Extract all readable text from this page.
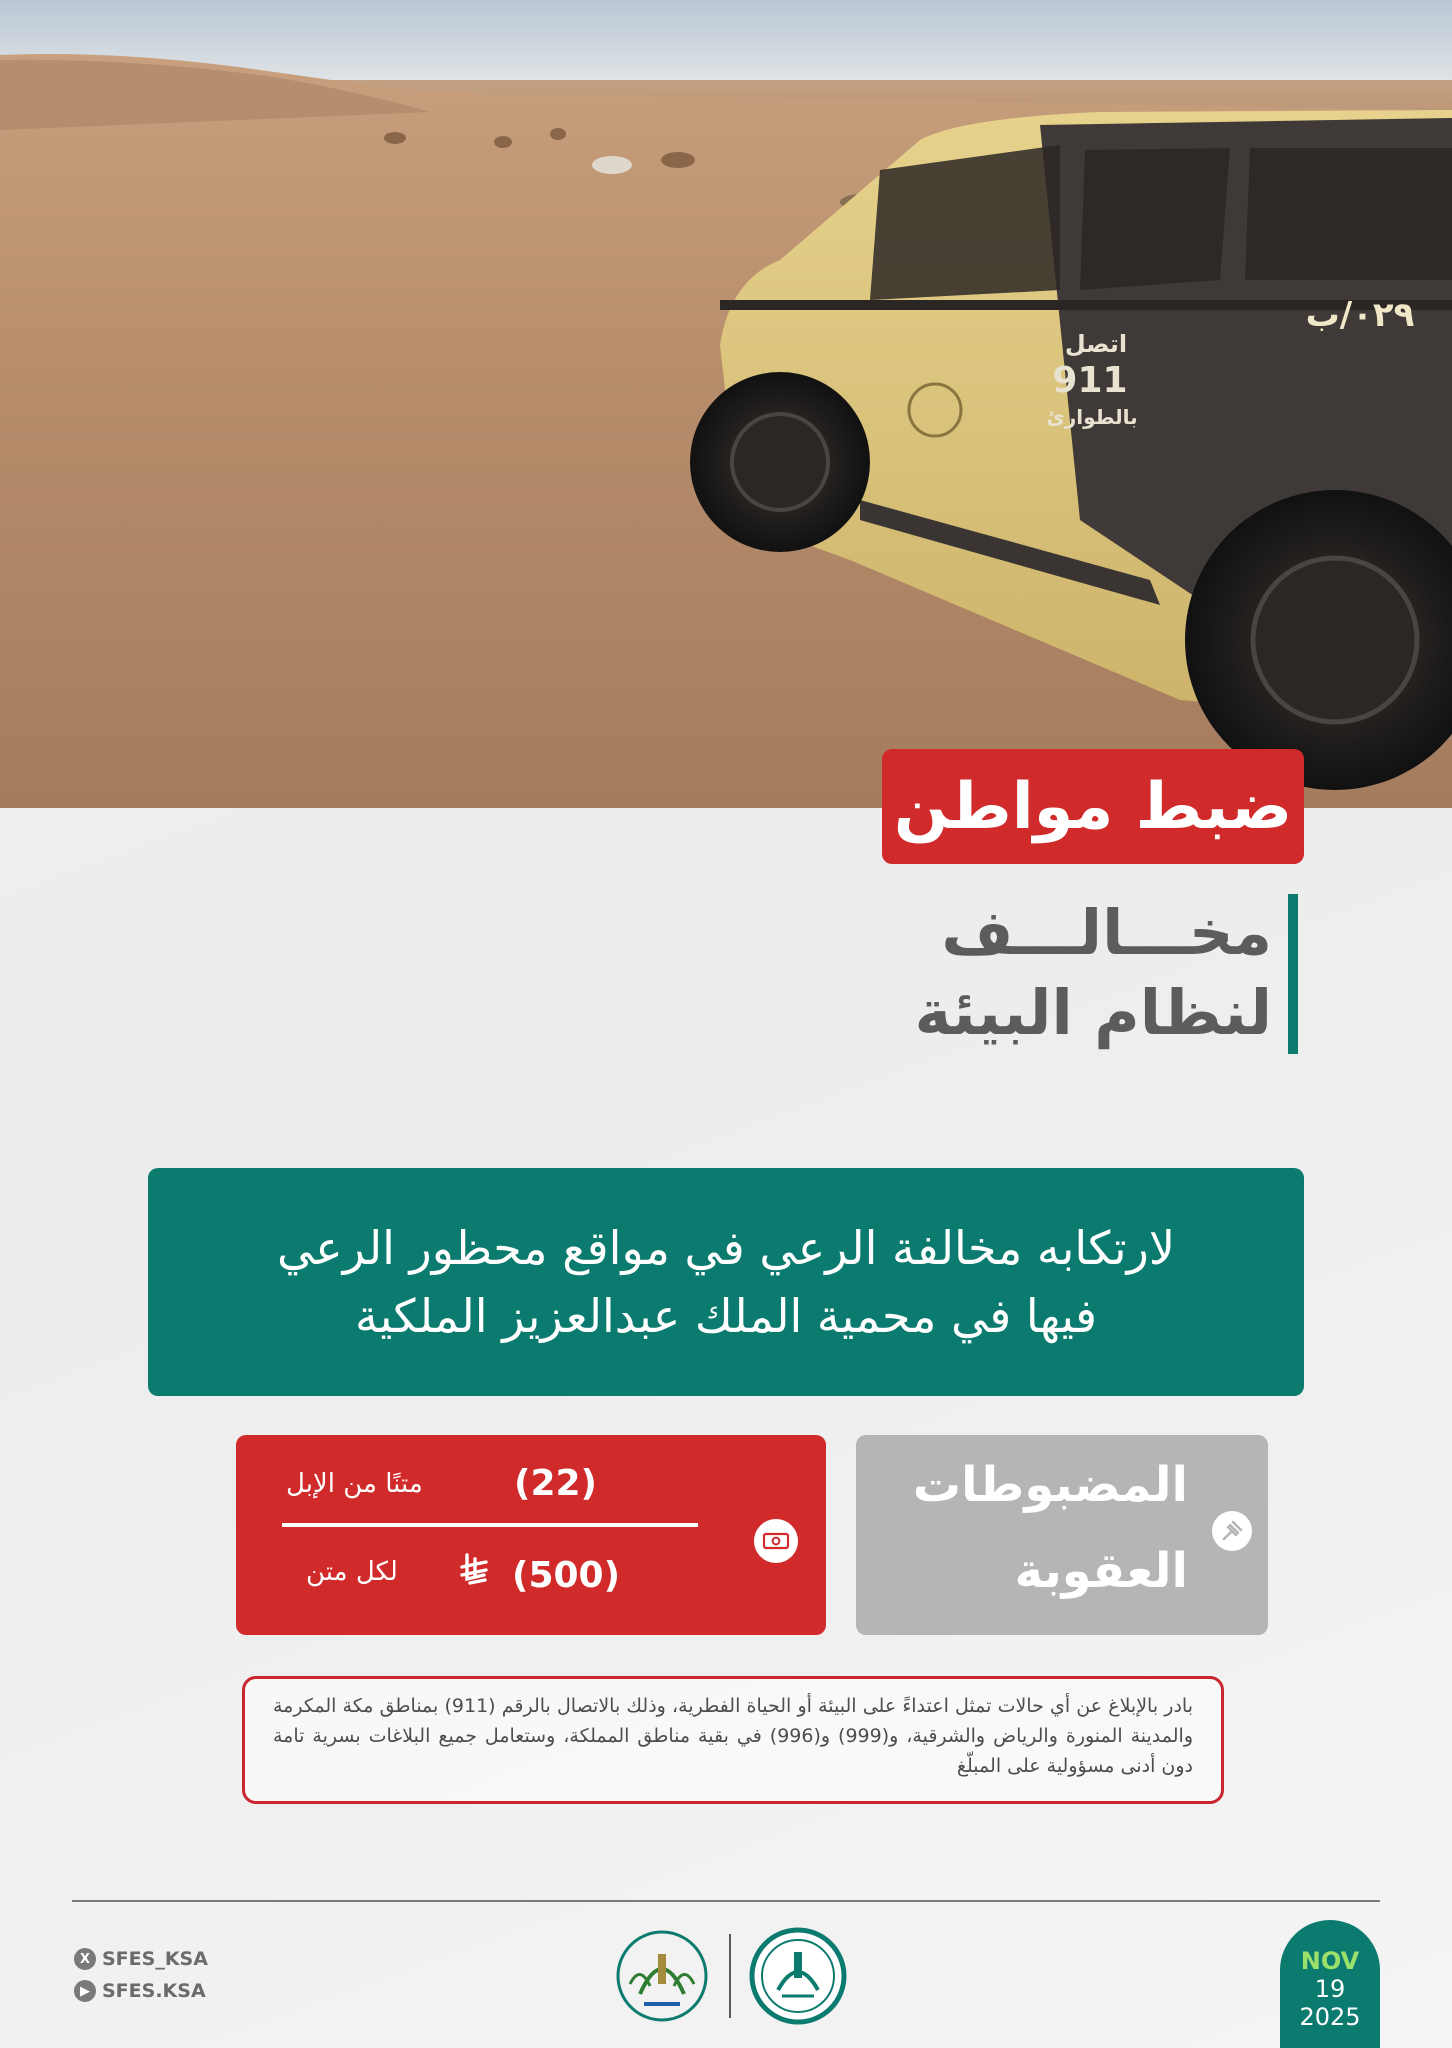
اتصل
911
بالطوارئ
٠٢٩/ب
ضبط مواطن
مخـــالـــف
لنظام البيئة
لارتكابه مخالفة الرعي في مواقع محظور الرعي
فيها في محمية الملك عبدالعزيز الملكية
(22)
متنًا من الإبل
(500)
لكل متن
المضبوطات
العقوبة
بادر بالإبلاغ عن أي حالات تمثل اعتداءً على البيئة أو الحياة الفطرية، وذلك بالاتصال بالرقم (911) بمناطق مكة المكرمة والمدينة المنورة والرياض والشرقية، و(999) و(996) في بقية مناطق المملكة، وستعامل جميع البلاغات بسرية تامة دون أدنى مسؤولية على المبلّغ
X SFES_KSA
▶ SFES.KSA
NOV
19
2025
